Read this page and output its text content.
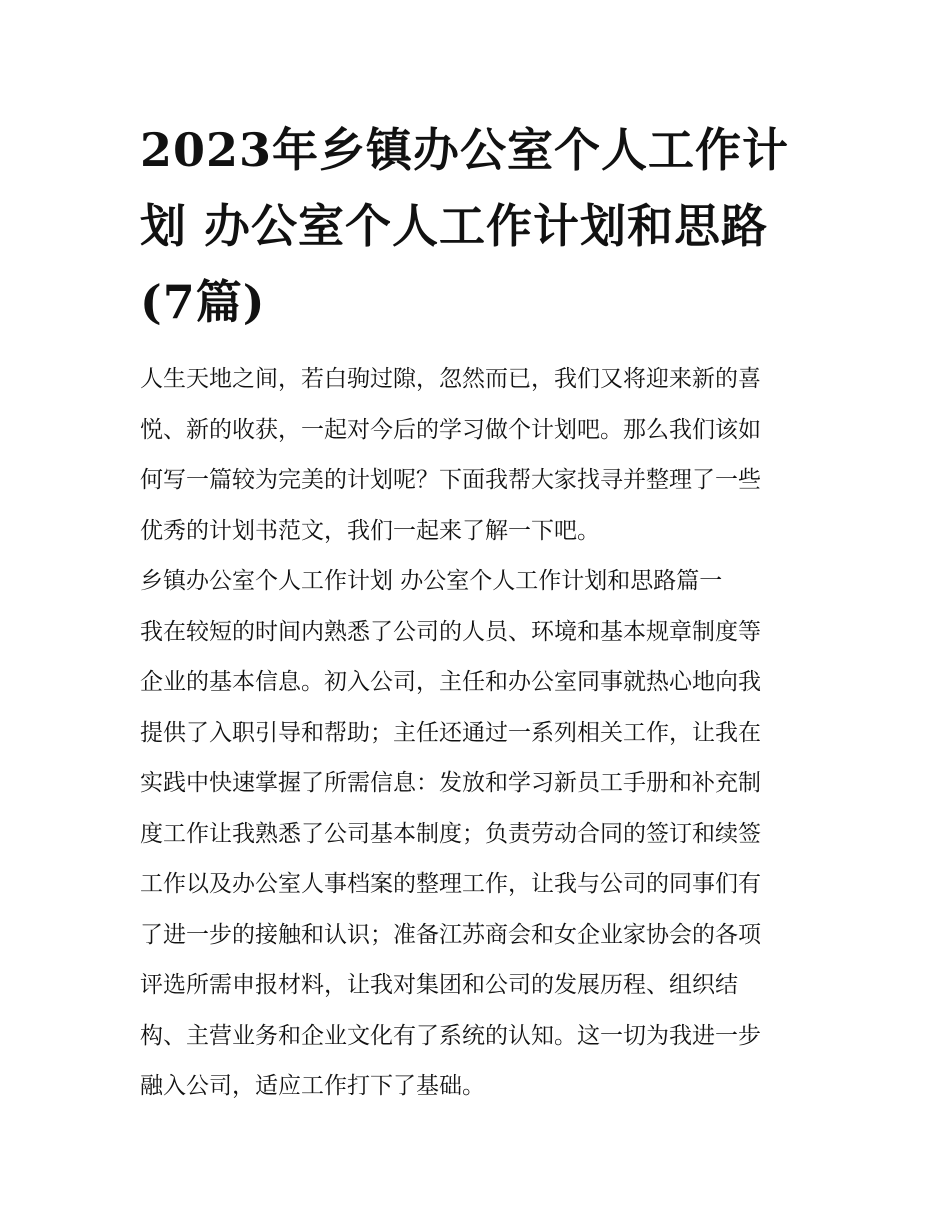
2023年乡镇办公室个人工作计
划 办公室个人工作计划和思路
(7篇)
人生天地之间，若白驹过隙，忽然而已，我们又将迎来新的喜
悦、新的收获，一起对今后的学习做个计划吧。那么我们该如
何写一篇较为完美的计划呢？下面我帮大家找寻并整理了一些
优秀的计划书范文，我们一起来了解一下吧。
乡镇办公室个人工作计划 办公室个人工作计划和思路篇一
我在较短的时间内熟悉了公司的人员、环境和基本规章制度等
企业的基本信息。初入公司，主任和办公室同事就热心地向我
提供了入职引导和帮助；主任还通过一系列相关工作，让我在
实践中快速掌握了所需信息：发放和学习新员工手册和补充制
度工作让我熟悉了公司基本制度；负责劳动合同的签订和续签
工作以及办公室人事档案的整理工作，让我与公司的同事们有
了进一步的接触和认识；准备江苏商会和女企业家协会的各项
评选所需申报材料，让我对集团和公司的发展历程、组织结
构、主营业务和企业文化有了系统的认知。这一切为我进一步
融入公司，适应工作打下了基础。
